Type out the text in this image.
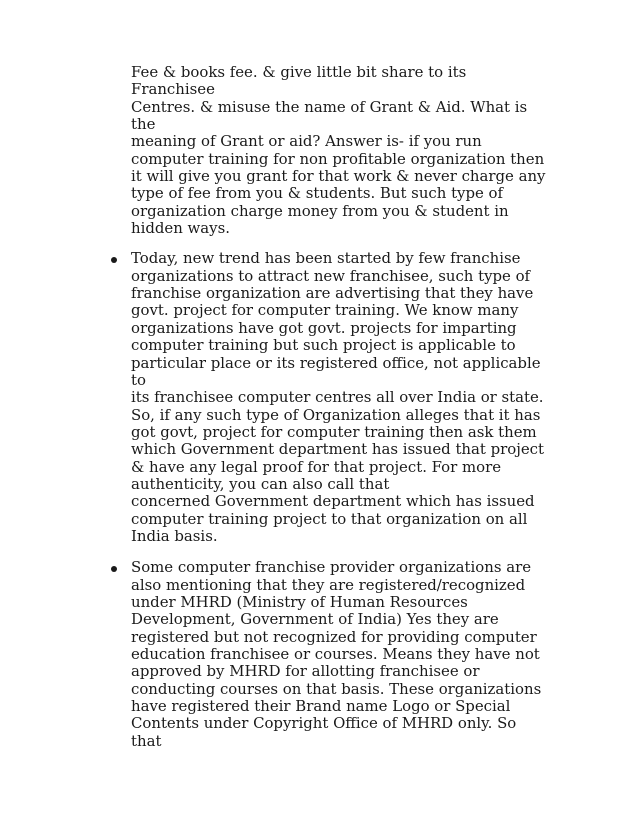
Fee & books fee. & give little bit share to its Franchisee
Centres. & misuse the name of Grant & Aid. What is the
meaning of Grant or aid? Answer is- if you run
computer training for non profitable organization then
it will give you grant for that work & never charge any
type of fee from you & students. But such type of
organization charge money from you & student in
hidden ways.

Today, new trend has been started by few franchise
organizations to attract new franchisee, such type of
franchise organization are advertising that they have
govt. project for computer training. We know many
organizations have got govt. projects for imparting
computer training but such project is applicable to
particular place or its registered office, not applicable to
its franchisee computer centres all over India or state.
So, if any such type of Organization alleges that it has
got govt, project for computer training then ask them
which Government department has issued that project
& have any legal proof for that project. For more
authenticity, you can also call that
concerned Government department which has issued
computer training project to that organization on all
India basis.

Some computer franchise provider organizations are
also mentioning that they are registered/recognized
under MHRD (Ministry of Human Resources
Development, Government of India) Yes they are
registered but not recognized for providing computer
education franchisee or courses. Means they have not
approved by MHRD for allotting franchisee or
conducting courses on that basis. These organizations
have registered their Brand name Logo or Special
Contents under Copyright Office of MHRD only. So that
